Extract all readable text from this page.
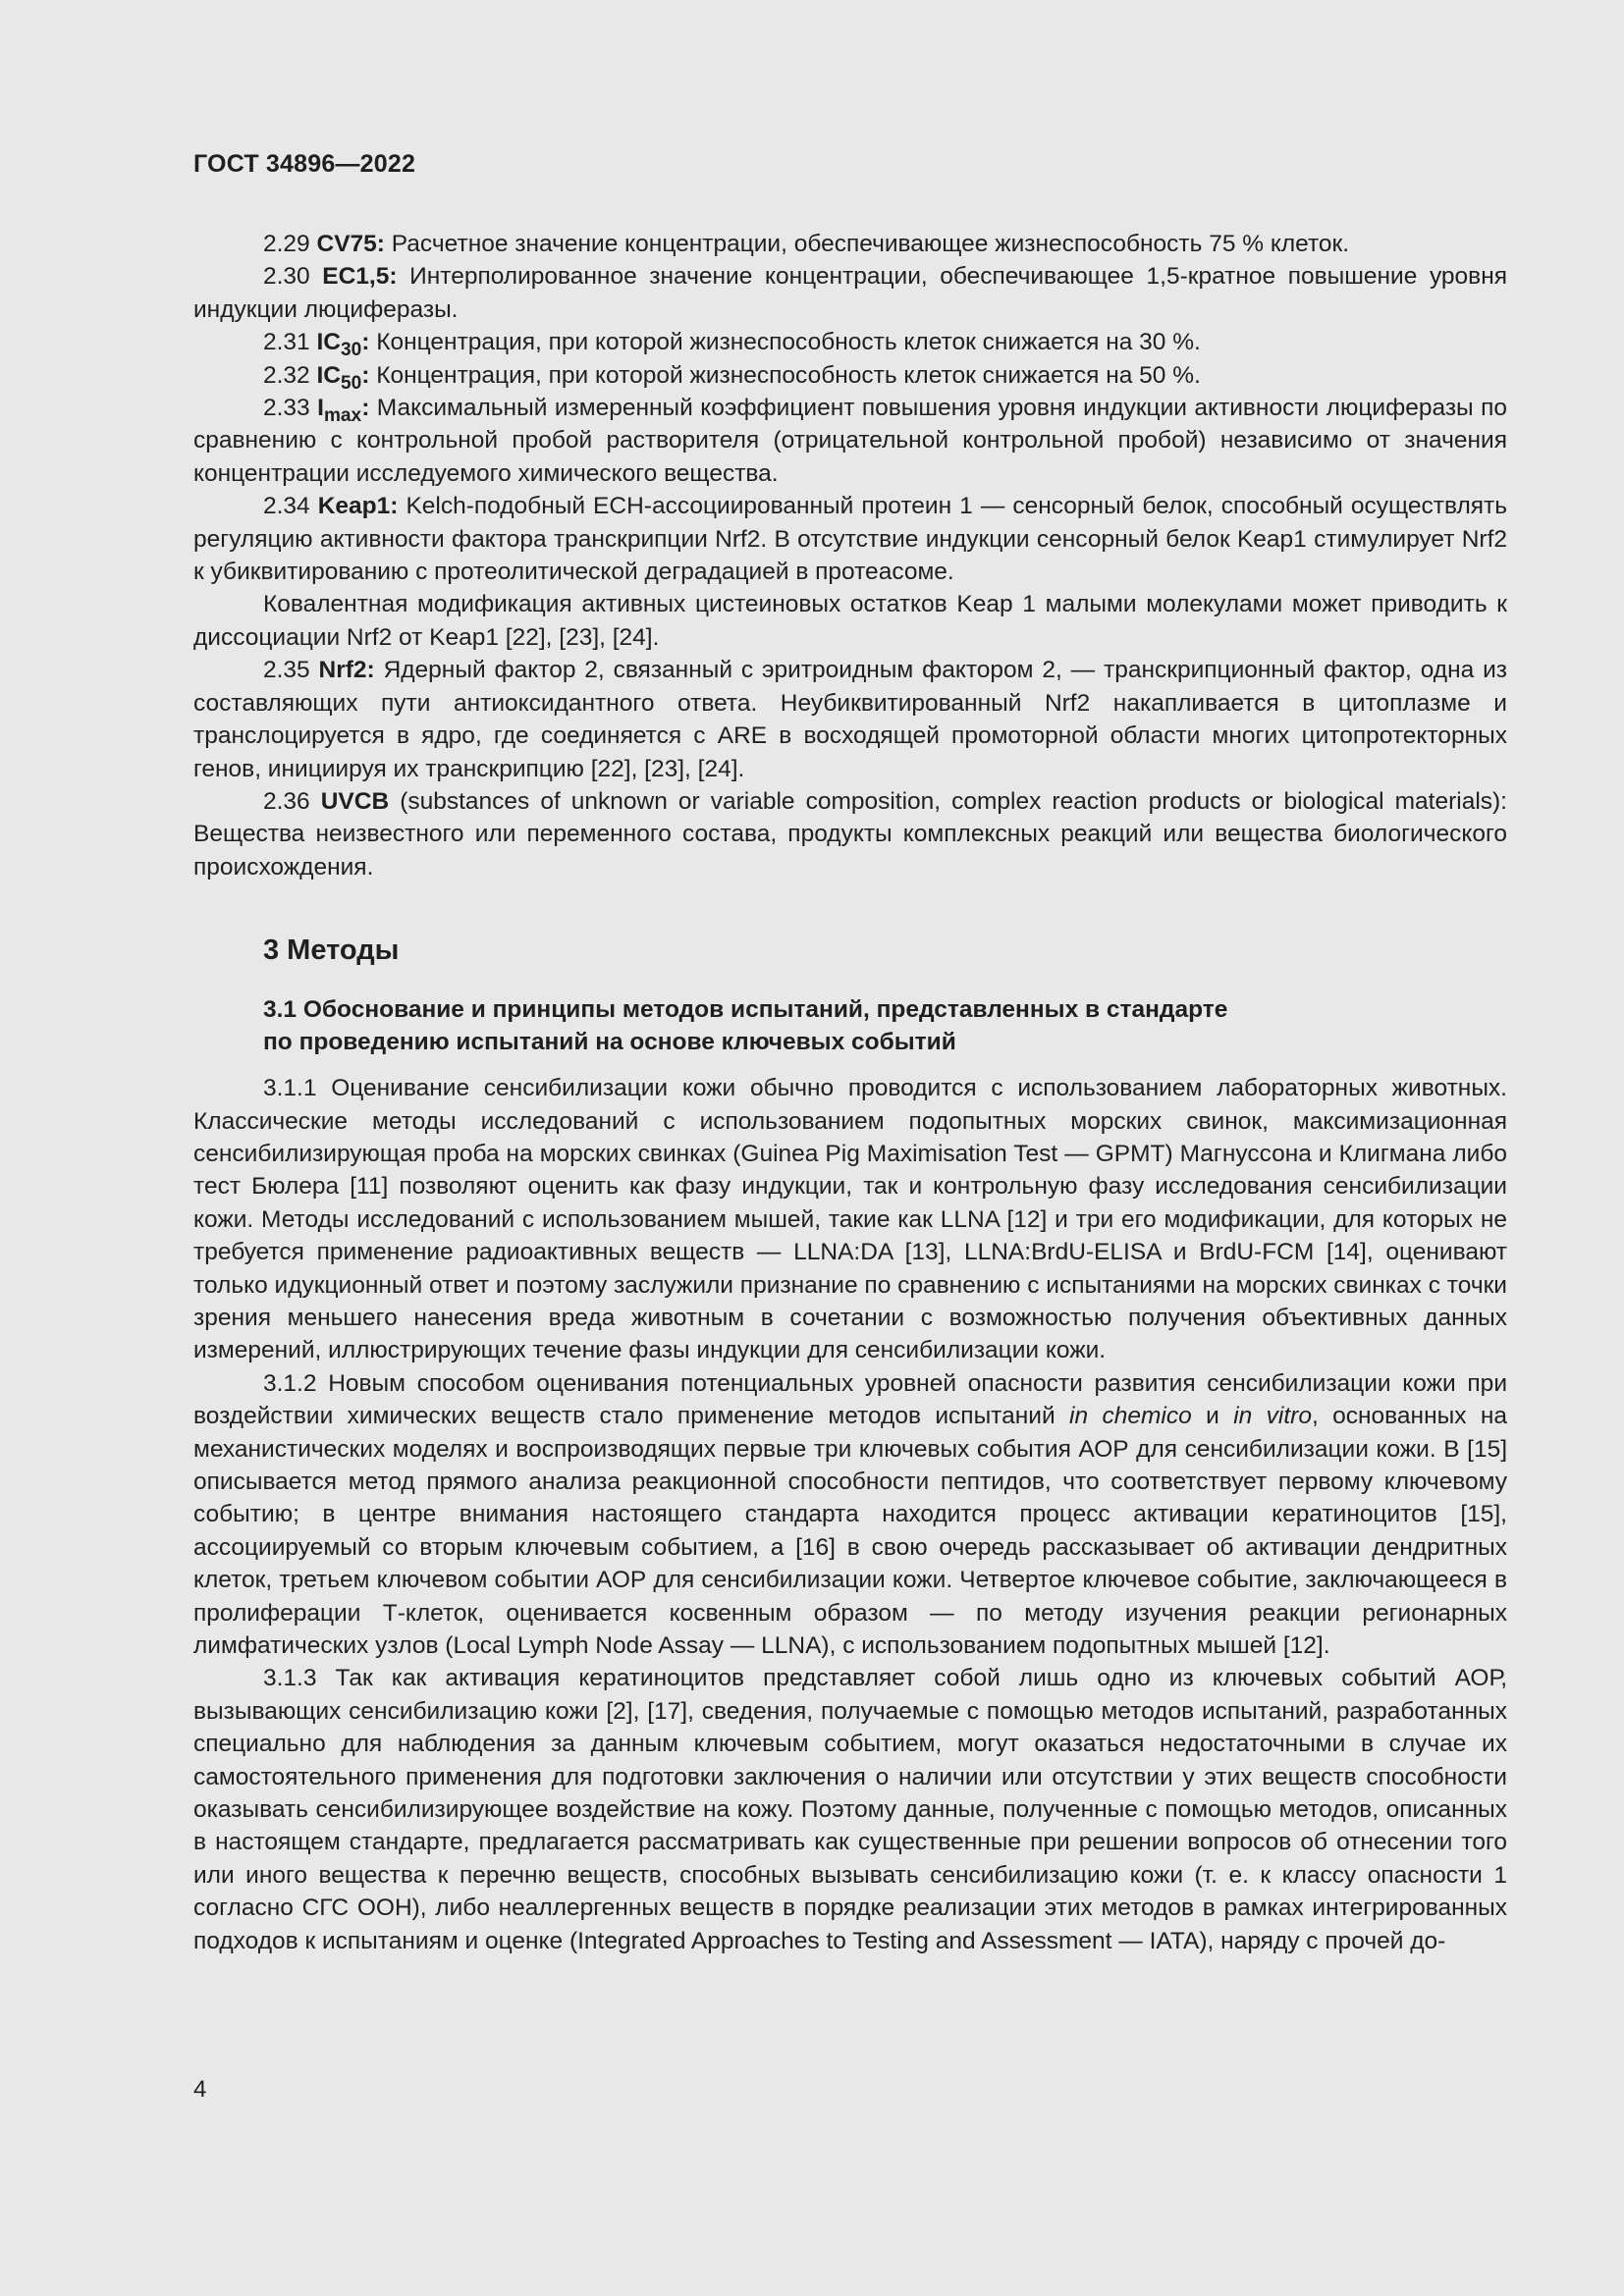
ГОСТ 34896—2022

2.29 CV75: Расчетное значение концентрации, обеспечивающее жизнеспособность 75 % клеток.

2.30 EC1,5: Интерполированное значение концентрации, обеспечивающее 1,5-кратное повышение уровня индукции люциферазы.

2.31 $IC_{30}$: Концентрация, при которой жизнеспособность клеток снижается на 30 %.

2.32 $IC_{50}$: Концентрация, при которой жизнеспособность клеток снижается на 50 %.

2.33 $I_{max}$: Максимальный измеренный коэффициент повышения уровня индукции активности люциферазы по сравнению с контрольной пробой растворителя (отрицательной контрольной пробой) независимо от значения концентрации исследуемого химического вещества.

2.34 Keap1: Kelch-подобный ECH-ассоциированный протеин 1 — сенсорный белок, способный осуществлять регуляцию активности фактора транскрипции Nrf2. В отсутствие индукции сенсорный белок Keap1 стимулирует Nrf2 к убиквитированию с протеолитической деградацией в протеасоме.

Ковалентная модификация активных цистеиновых остатков Keap 1 малыми молекулами может приводить к диссоциации Nrf2 от Keap1 [22], [23], [24].

2.35 Nrf2: Ядерный фактор 2, связанный с эритроидным фактором 2, — транскрипционный фактор, одна из составляющих пути антиоксидантного ответа. Неубиквитированный Nrf2 накапливается в цитоплазме и транслоцируется в ядро, где соединяется с ARE в восходящей промоторной области многих цитопротекторных генов, инициируя их транскрипцию [22], [23], [24].

2.36 UVCB (substances of unknown or variable composition, complex reaction products or biological materials): Вещества неизвестного или переменного состава, продукты комплексных реакций или вещества биологического происхождения.

3 Методы
3.1 Обоснование и принципы методов испытаний, представленных в стандарте
по проведению испытаний на основе ключевых событий

3.1.1 Оценивание сенсибилизации кожи обычно проводится с использованием лабораторных животных. Классические методы исследований с использованием подопытных морских свинок, максимизационная сенсибилизирующая проба на морских свинках (Guinea Pig Maximisation Test — GPMT) Магнуссона и Клигмана либо тест Бюлера [11] позволяют оценить как фазу индукции, так и контрольную фазу исследования сенсибилизации кожи. Методы исследований с использованием мышей, такие как LLNA [12] и три его модификации, для которых не требуется применение радиоактивных веществ — LLNA:DA [13], LLNA:BrdU-ELISA и BrdU-FCM [14], оценивают только идукционный ответ и поэтому заслужили признание по сравнению с испытаниями на морских свинках с точки зрения меньшего нанесения вреда животным в сочетании с возможностью получения объективных данных измерений, иллюстрирующих течение фазы индукции для сенсибилизации кожи.

3.1.2 Новым способом оценивания потенциальных уровней опасности развития сенсибилизации кожи при воздействии химических веществ стало применение методов испытаний in chemico и in vitro, основанных на механистических моделях и воспроизводящих первые три ключевых события АОР для сенсибилизации кожи. В [15] описывается метод прямого анализа реакционной способности пептидов, что соответствует первому ключевому событию; в центре внимания настоящего стандарта находится процесс активации кератиноцитов [15], ассоциируемый со вторым ключевым событием, а [16] в свою очередь рассказывает об активации дендритных клеток, третьем ключевом событии АОР для сенсибилизации кожи. Четвертое ключевое событие, заключающееся в пролиферации Т-клеток, оценивается косвенным образом — по методу изучения реакции регионарных лимфатических узлов (Local Lymph Node Assay — LLNA), с использованием подопытных мышей [12].

3.1.3 Так как активация кератиноцитов представляет собой лишь одно из ключевых событий АОР, вызывающих сенсибилизацию кожи [2], [17], сведения, получаемые с помощью методов испытаний, разработанных специально для наблюдения за данным ключевым событием, могут оказаться недостаточными в случае их самостоятельного применения для подготовки заключения о наличии или отсутствии у этих веществ способности оказывать сенсибилизирующее воздействие на кожу. Поэтому данные, полученные с помощью методов, описанных в настоящем стандарте, предлагается рассматривать как существенные при решении вопросов об отнесении того или иного вещества к перечню веществ, способных вызывать сенсибилизацию кожи (т. е. к классу опасности 1 согласно СГС ООН), либо неаллергенных веществ в порядке реализации этих методов в рамках интегрированных подходов к испытаниям и оценке (Integrated Approaches to Testing and Assessment — IATA), наряду с прочей до-

4
